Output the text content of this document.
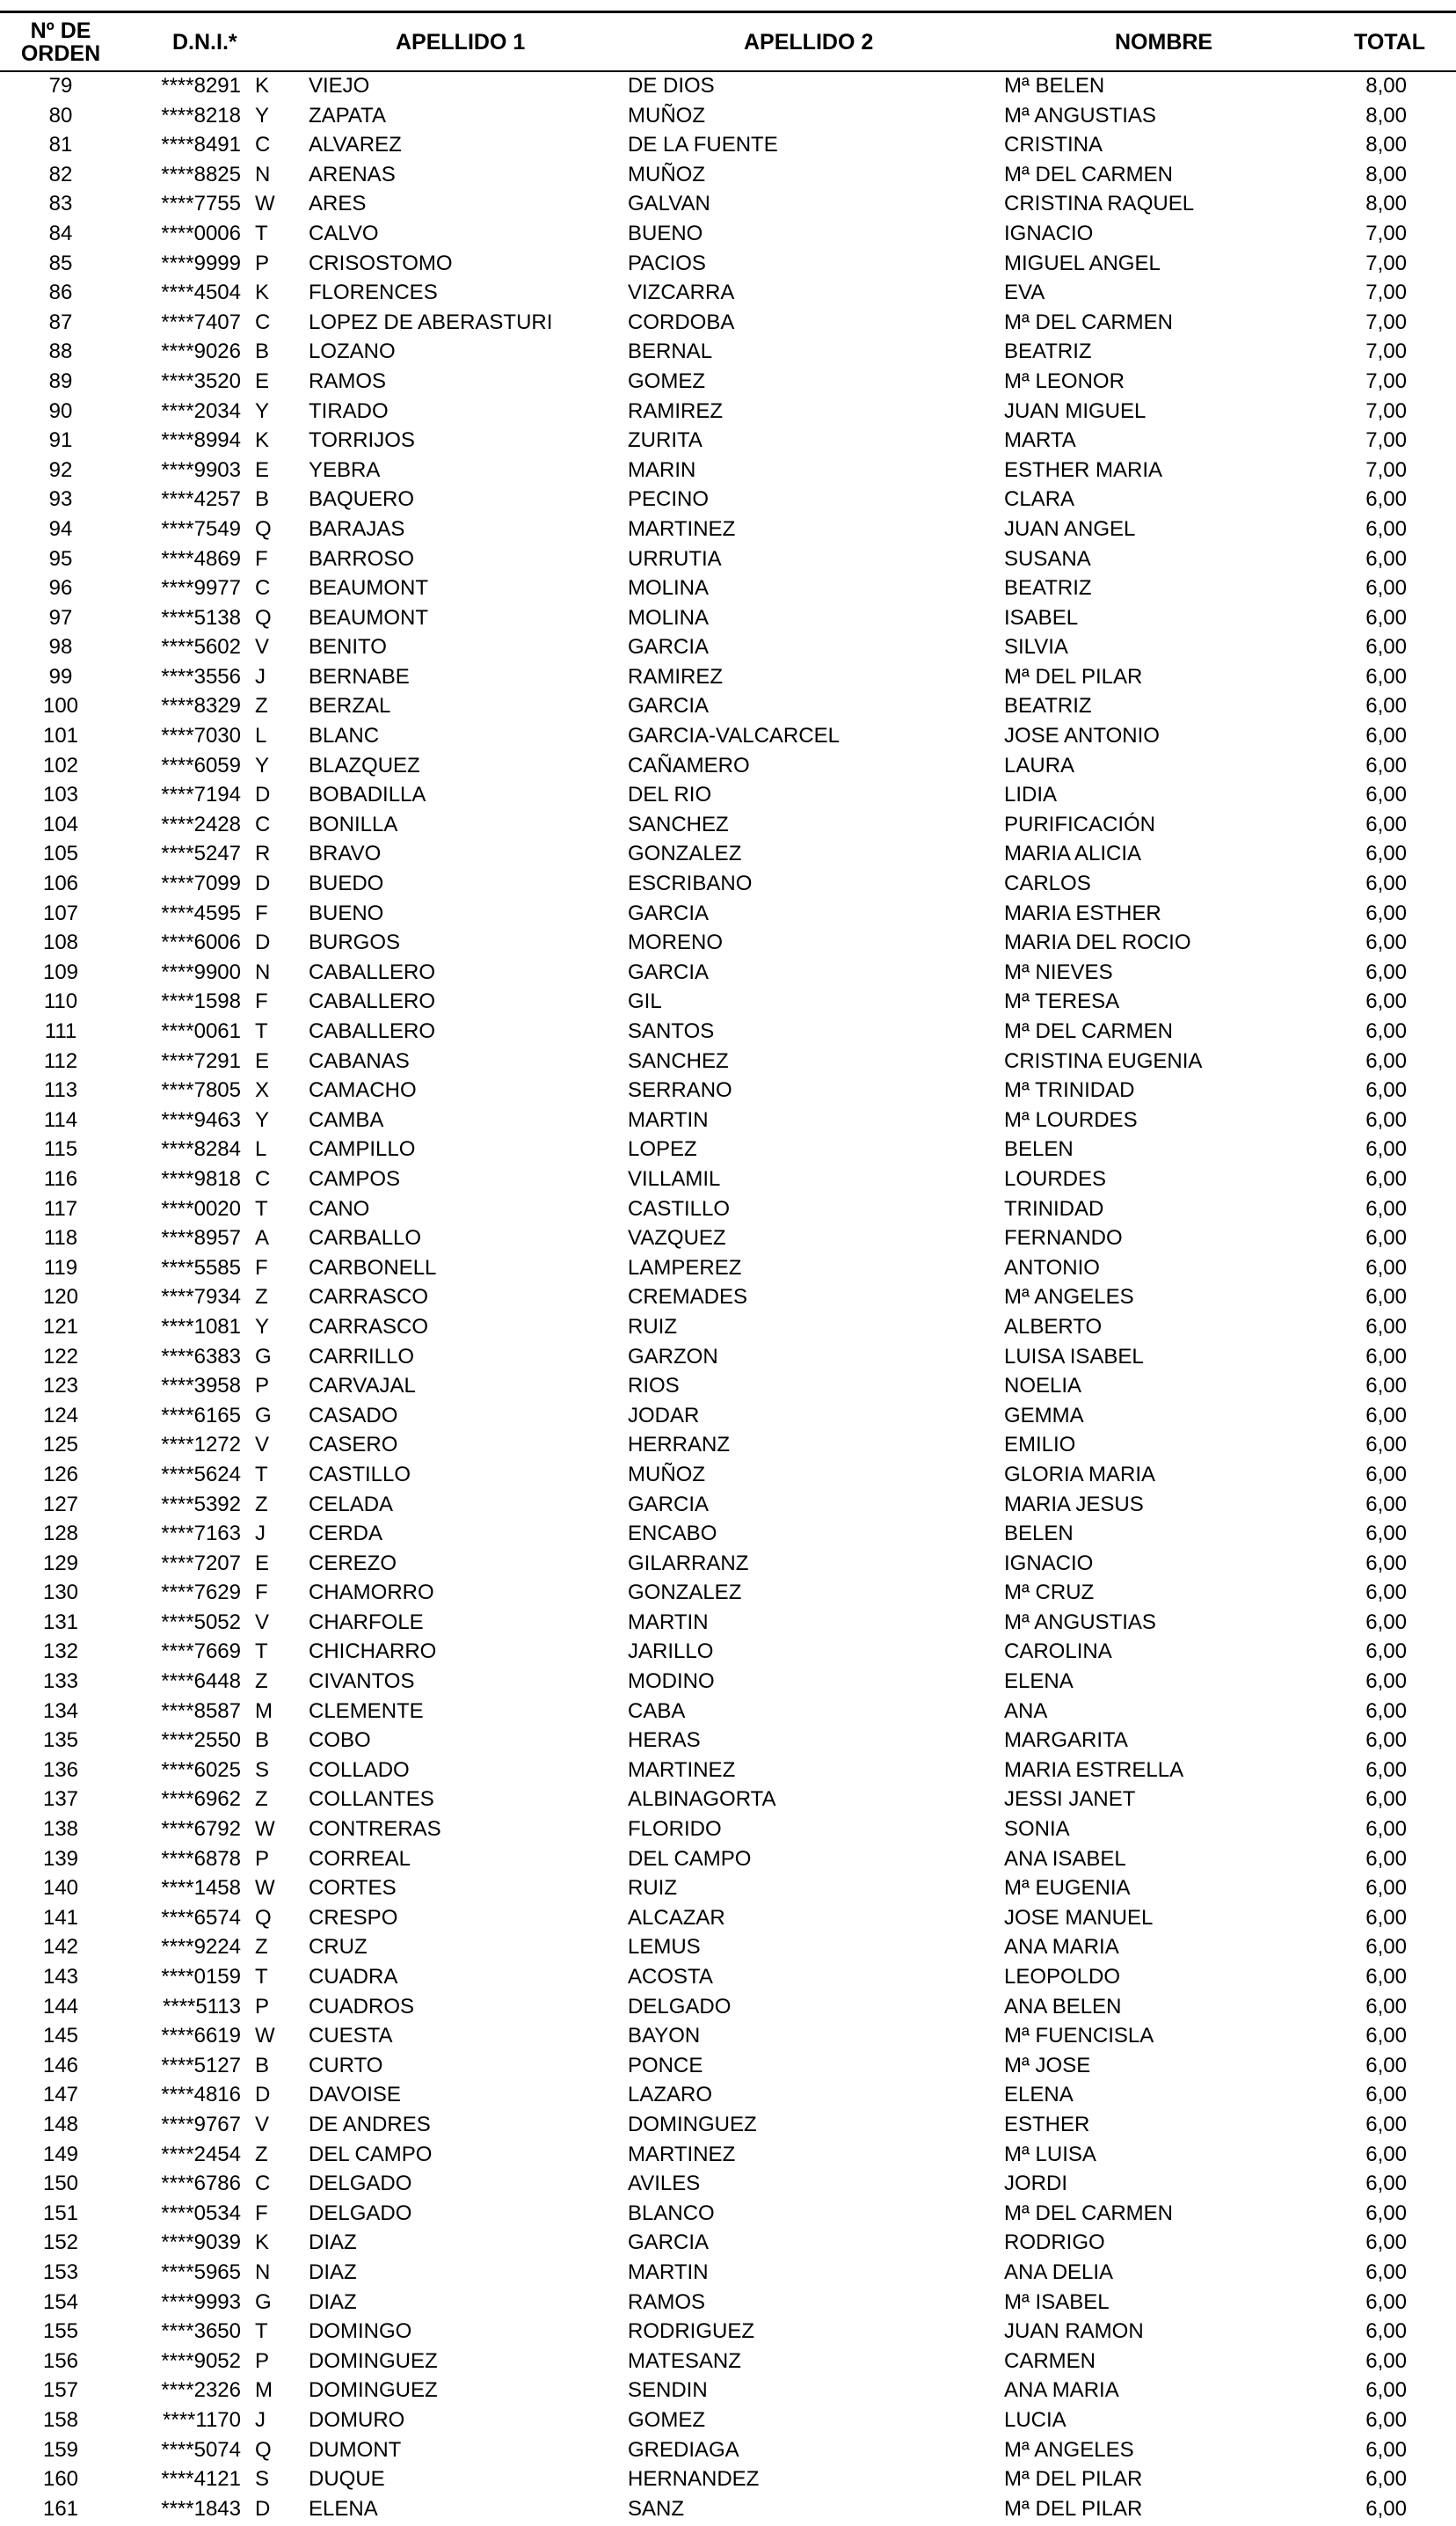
Nº DE
ORDEN	D.N.I.*	APELLIDO 1	APELLIDO 2	NOMBRE	TOTAL
79	****8291 K	VIEJO	DE DIOS	Mª BELEN	8,00
80	****8218 Y	ZAPATA	MUÑOZ	Mª ANGUSTIAS	8,00
81	****8491 C	ALVAREZ	DE LA FUENTE	CRISTINA	8,00
82	****8825 N	ARENAS	MUÑOZ	Mª DEL CARMEN	8,00
83	****7755 W ARES	GALVAN	CRISTINA RAQUEL	8,00
84	****0006 T	CALVO	BUENO	IGNACIO	7,00
85	****9999 P	CRISOSTOMO	PACIOS	MIGUEL ANGEL	7,00
86	****4504 K	FLORENCES	VIZCARRA	EVA	7,00
87	****7407 C	LOPEZ DE ABERASTURI	CORDOBA	Mª DEL CARMEN	7,00
88	****9026 B	LOZANO	BERNAL	BEATRIZ	7,00
89	****3520 E	RAMOS	GOMEZ	Mª LEONOR	7,00
90	****2034 Y	TIRADO	RAMIREZ	JUAN MIGUEL	7,00
91	****8994 K	TORRIJOS	ZURITA	MARTA	7,00
92	****9903 E	YEBRA	MARIN	ESTHER MARIA	7,00
93	****4257 B	BAQUERO	PECINO	CLARA	6,00
94	****7549 Q	BARAJAS	MARTINEZ	JUAN ANGEL	6,00
95	****4869 F	BARROSO	URRUTIA	SUSANA	6,00
96	****9977 C	BEAUMONT	MOLINA	BEATRIZ	6,00
97	****5138 Q	BEAUMONT	MOLINA	ISABEL	6,00
98	****5602 V	BENITO	GARCIA	SILVIA	6,00
99	****3556 J	BERNABE	RAMIREZ	Mª DEL PILAR	6,00
100	****8329 Z	BERZAL	GARCIA	BEATRIZ	6,00
101	****7030 L	BLANC	GARCIA-VALCARCEL	JOSE ANTONIO	6,00
102	****6059 Y	BLAZQUEZ	CAÑAMERO	LAURA	6,00
103	****7194 D	BOBADILLA	DEL RIO	LIDIA	6,00
104	****2428 C	BONILLA	SANCHEZ	PURIFICACIÓN	6,00
105	****5247 R	BRAVO	GONZALEZ	MARIA ALICIA	6,00
106	****7099 D	BUEDO	ESCRIBANO	CARLOS	6,00
107	****4595 F	BUENO	GARCIA	MARIA ESTHER	6,00
108	****6006 D	BURGOS	MORENO	MARIA DEL ROCIO	6,00
109	****9900 N	CABALLERO	GARCIA	Mª NIEVES	6,00
110	****1598 F	CABALLERO	GIL	Mª TERESA	6,00
111	****0061 T	CABALLERO	SANTOS	Mª DEL CARMEN	6,00
112	****7291 E	CABANAS	SANCHEZ	CRISTINA EUGENIA	6,00
113	****7805 X	CAMACHO	SERRANO	Mª TRINIDAD	6,00
114	****9463 Y	CAMBA	MARTIN	Mª LOURDES	6,00
115	****8284 L	CAMPILLO	LOPEZ	BELEN	6,00
116	****9818 C	CAMPOS	VILLAMIL	LOURDES	6,00
117	****0020 T	CANO	CASTILLO	TRINIDAD	6,00
118	****8957 A	CARBALLO	VAZQUEZ	FERNANDO	6,00
119	****5585 F	CARBONELL	LAMPEREZ	ANTONIO	6,00
120	****7934 Z	CARRASCO	CREMADES	Mª ANGELES	6,00
121	****1081 Y	CARRASCO	RUIZ	ALBERTO	6,00
122	****6383 G	CARRILLO	GARZON	LUISA ISABEL	6,00
123	****3958 P	CARVAJAL	RIOS	NOELIA	6,00
124	****6165 G	CASADO	JODAR	GEMMA	6,00
125	****1272 V	CASERO	HERRANZ	EMILIO	6,00
126	****5624 T	CASTILLO	MUÑOZ	GLORIA MARIA	6,00
127	****5392 Z	CELADA	GARCIA	MARIA JESUS	6,00
128	****7163 J	CERDA	ENCABO	BELEN	6,00
129	****7207 E	CEREZO	GILARRANZ	IGNACIO	6,00
130	****7629 F	CHAMORRO	GONZALEZ	Mª CRUZ	6,00
131	****5052 V	CHARFOLE	MARTIN	Mª ANGUSTIAS	6,00
132	****7669 T	CHICHARRO	JARILLO	CAROLINA	6,00
133	****6448 Z	CIVANTOS	MODINO	ELENA	6,00
134	****8587 M CLEMENTE	CABA	ANA	6,00
135	****2550 B	COBO	HERAS	MARGARITA	6,00
136	****6025 S	COLLADO	MARTINEZ	MARIA ESTRELLA	6,00
137	****6962 Z	COLLANTES	ALBINAGORTA	JESSI JANET	6,00
138	****6792 W CONTRERAS	FLORIDO	SONIA	6,00
139	****6878 P	CORREAL	DEL CAMPO	ANA ISABEL	6,00
140	****1458 W CORTES	RUIZ	Mª EUGENIA	6,00
141	****6574 Q	CRESPO	ALCAZAR	JOSE MANUEL	6,00
142	****9224 Z	CRUZ	LEMUS	ANA MARIA	6,00
143	****0159 T	CUADRA	ACOSTA	LEOPOLDO	6,00
144	****5113 P	CUADROS	DELGADO	ANA BELEN	6,00
145	****6619 W CUESTA	BAYON	Mª FUENCISLA	6,00
146	****5127 B	CURTO	PONCE	Mª JOSE	6,00
147	****4816 D	DAVOISE	LAZARO	ELENA	6,00
148	****9767 V	DE ANDRES	DOMINGUEZ	ESTHER	6,00
149	****2454 Z	DEL CAMPO	MARTINEZ	Mª LUISA	6,00
150	****6786 C	DELGADO	AVILES	JORDI	6,00
151	****0534 F	DELGADO	BLANCO	Mª DEL CARMEN	6,00
152	****9039 K	DIAZ	GARCIA	RODRIGO	6,00
153	****5965 N	DIAZ	MARTIN	ANA DELIA	6,00
154	****9993 G	DIAZ	RAMOS	Mª ISABEL	6,00
155	****3650 T	DOMINGO	RODRIGUEZ	JUAN RAMON	6,00
156	****9052 P	DOMINGUEZ	MATESANZ	CARMEN	6,00
157	****2326 M DOMINGUEZ	SENDIN	ANA MARIA	6,00
158	****1170 J	DOMURO	GOMEZ	LUCIA	6,00
159	****5074 Q	DUMONT	GREDIAGA	Mª ANGELES	6,00
160	****4121 S	DUQUE	HERNANDEZ	Mª DEL PILAR	6,00
161	****1843 D	ELENA	SANZ	Mª DEL PILAR	6,00
